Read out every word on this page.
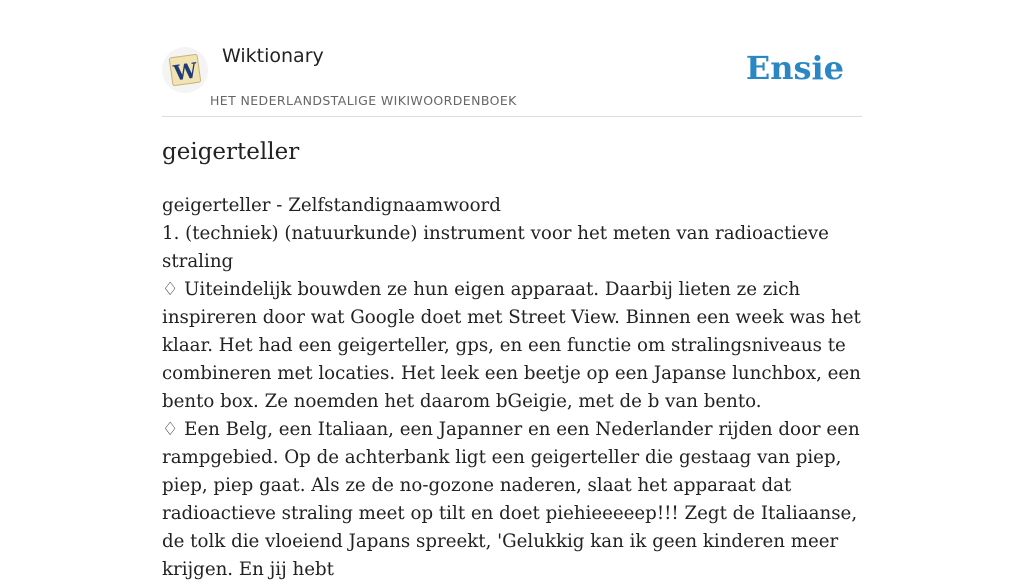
W
Wiktionary
HET NEDERLANDSTALIGE WIKIWOORDENBOEK
Ensie
geigerteller

geigerteller - Zelfstandignaamwoord

1. (techniek) (natuurkunde) instrument voor het meten van radioactieve straling

♢ Uiteindelijk bouwden ze hun eigen apparaat. Daarbij lieten ze zich inspireren door wat Google doet met Street View. Binnen een week was het klaar. Het had een geigerteller, gps, en een functie om stralingsniveaus te combineren met locaties. Het leek een beetje op een Japanse lunchbox, een bento box. Ze noemden het daarom bGeigie, met de b van bento.

♢ Een Belg, een Italiaan, een Japanner en een Nederlander rijden door een rampgebied. Op de achterbank ligt een geigerteller die gestaag van piep, piep, piep gaat. Als ze de no-gozone naderen, slaat het apparaat dat radioactieve straling meet op tilt en doet piehieeeeep!!! Zegt de Italiaanse, de tolk die vloeiend Japans spreekt, 'Gelukkig kan ik geen kinderen meer krijgen. En jij hebt
